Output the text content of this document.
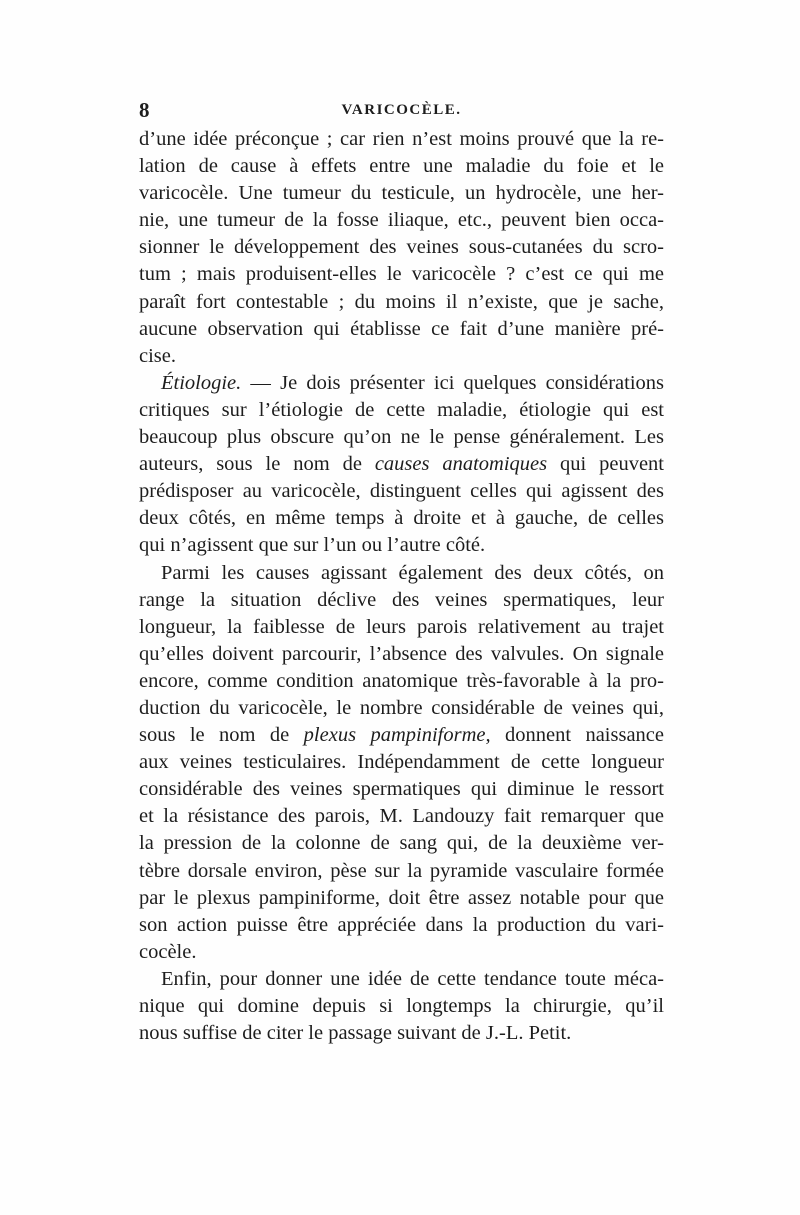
8	VARICOCÈLE.
d’une idée préconçue ; car rien n’est moins prouvé que la re-
lation de cause à effets entre une maladie du foie et le
varicocèle. Une tumeur du testicule, un hydrocèle, une her-
nie, une tumeur de la fosse iliaque, etc., peuvent bien occa-
sionner le développement des veines sous-cutanées du scro-
tum ; mais produisent-elles le varicocèle ? c’est ce qui me
paraît fort contestable ; du moins il n’existe, que je sache,
aucune observation qui établisse ce fait d’une manière pré-
cise.
Étiologie. — Je dois présenter ici quelques considérations
critiques sur l’étiologie de cette maladie, étiologie qui est
beaucoup plus obscure qu’on ne le pense généralement. Les
auteurs, sous le nom de causes anatomiques qui peuvent
prédisposer au varicocèle, distinguent celles qui agissent des
deux côtés, en même temps à droite et à gauche, de celles
qui n’agissent que sur l’un ou l’autre côté.
Parmi les causes agissant également des deux côtés, on
range la situation déclive des veines spermatiques, leur
longueur, la faiblesse de leurs parois relativement au trajet
qu’elles doivent parcourir, l’absence des valvules. On signale
encore, comme condition anatomique très-favorable à la pro-
duction du varicocèle, le nombre considérable de veines qui,
sous le nom de plexus pampiniforme, donnent naissance
aux veines testiculaires. Indépendamment de cette longueur
considérable des veines spermatiques qui diminue le ressort
et la résistance des parois, M. Landouzy fait remarquer que
la pression de la colonne de sang qui, de la deuxième ver-
tèbre dorsale environ, pèse sur la pyramide vasculaire formée
par le plexus pampiniforme, doit être assez notable pour que
son action puisse être appréciée dans la production du vari-
cocèle.
Enfin, pour donner une idée de cette tendance toute méca-
nique qui domine depuis si longtemps la chirurgie, qu’il
nous suffise de citer le passage suivant de J.-L. Petit.
